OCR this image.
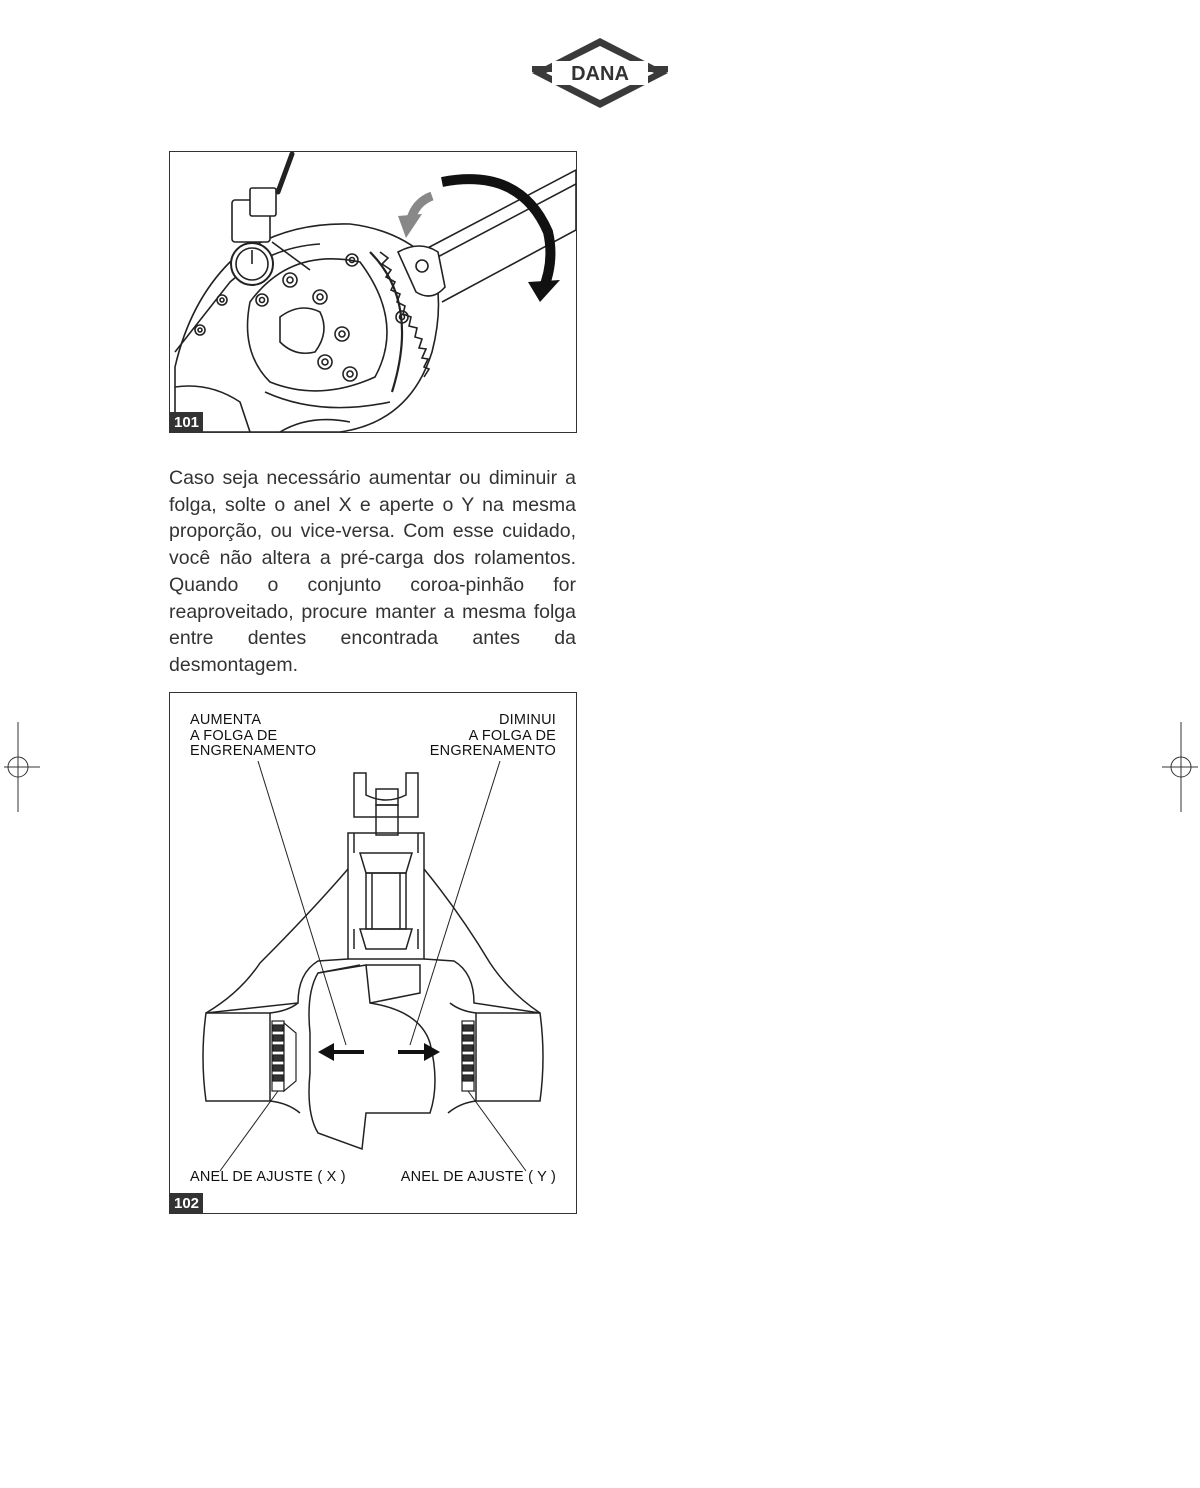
DANA
101

Caso seja necessário aumentar ou diminuir a folga, solte o anel X e aperte o Y na mesma proporção, ou vice-versa. Com esse cuidado, você não altera a pré-carga dos rolamentos. Quando o conjunto coroa-pinhão for reaproveitado, procure manter a mesma folga entre dentes encontrada antes da desmontagem.

AUMENTA
A FOLGA DE
ENGRENAMENTO
DIMINUI
A FOLGA DE
ENGRENAMENTO
ANEL DE AJUSTE ( X )	ANEL DE AJUSTE ( Y )
102
